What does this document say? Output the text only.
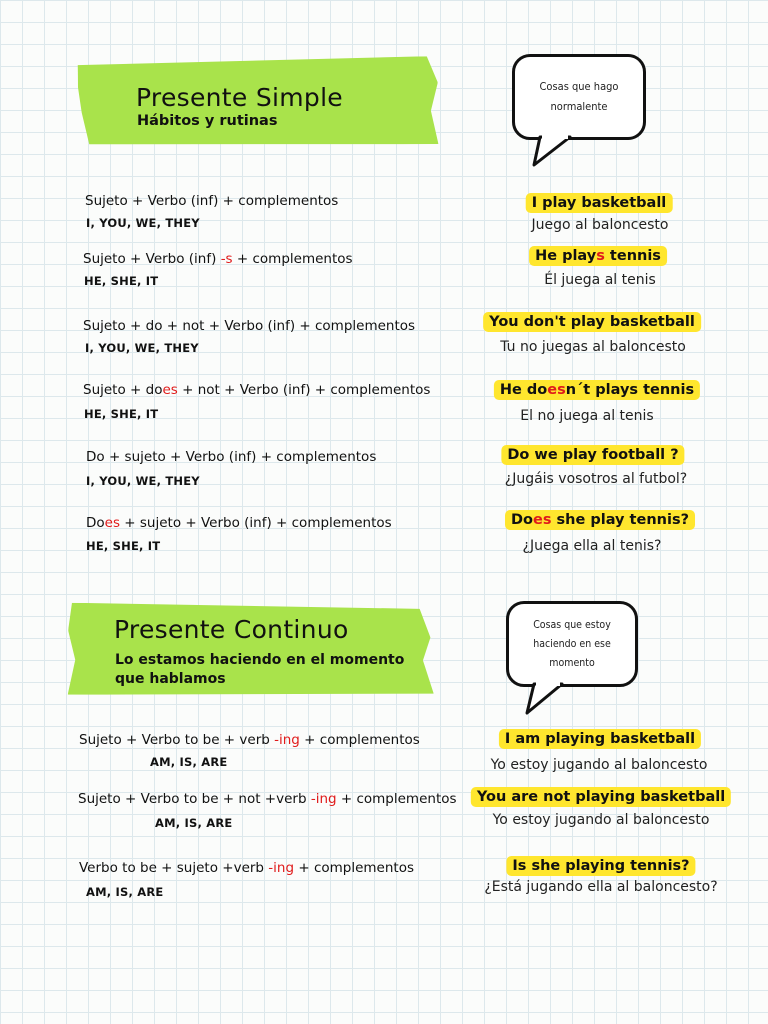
Presente Simple
Hábitos y rutinas
Cosas que hago normalente
Sujeto + Verbo (inf) + complementos
I, YOU, WE, THEY
I play basketball
Juego al baloncesto
Sujeto + Verbo (inf) -s + complementos
HE, SHE, IT
He plays tennis
Él juega al tenis
Sujeto + do + not + Verbo (inf) + complementos
I, YOU, WE, THEY
You don't play basketball
Tu no juegas al baloncesto
Sujeto + does + not + Verbo (inf) + complementos
HE, SHE, IT
He doesn´t plays tennis
El no juega al tenis
Do + sujeto + Verbo (inf) + complementos
I, YOU, WE, THEY
Do we play football ?
¿Jugáis vosotros al futbol?
Does + sujeto + Verbo (inf) + complementos
HE, SHE, IT
Does she play tennis?
¿Juega ella al tenis?
Presente Continuo
Lo estamos haciendo en el momento
que hablamos
Cosas que estoy haciendo en ese momento
Sujeto + Verbo to be + verb -ing + complementos
AM, IS, ARE
I am playing basketball
Yo estoy jugando al baloncesto
Sujeto + Verbo to be + not +verb -ing + complementos
AM, IS, ARE
You are not playing basketball
Yo estoy jugando al baloncesto
Verbo to be + sujeto +verb -ing + complementos
AM, IS, ARE
Is she playing tennis?
¿Está jugando ella al baloncesto?
